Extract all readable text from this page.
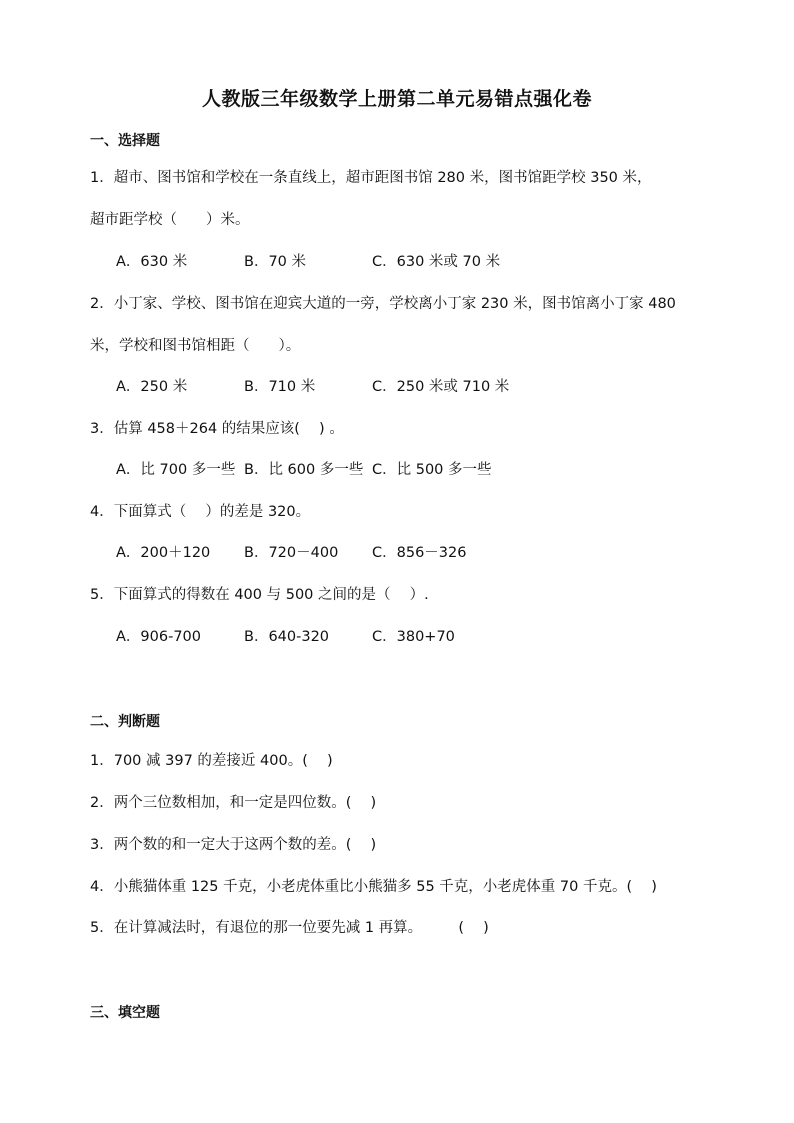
人教版三年级数学上册第二单元易错点强化卷
一、选择题
1．超市、图书馆和学校在一条直线上，超市距图书馆 280 米，图书馆距学校 350 米，
超市距学校（　　）米。
A．630 米	B．70 米	C．630 米或 70 米
2．小丁家、学校、图书馆在迎宾大道的一旁，学校离小丁家 230 米，图书馆离小丁家 480
米，学校和图书馆相距（　　）。
A．250 米	B．710 米	C．250 米或 710 米
3．估算 458＋264 的结果应该(　 ) 。
A．比 700 多一些 B．比 600 多一些 C．比 500 多一些
4．下面算式（　 ）的差是 320。
A．200＋120 B．720－400 C．856－326
5．下面算式的得数在 400 与 500 之间的是（　 ）.
A．906-700	B．640-320	C．380+70
二、判断题
1．700 减 397 的差接近 400。(　 )
2．两个三位数相加，和一定是四位数。(　 )
3．两个数的和一定大于这两个数的差。(　 )
4．小熊猫体重 125 千克，小老虎体重比小熊猫多 55 千克，小老虎体重 70 千克。(　 )
5．在计算减法时，有退位的那一位要先减 1 再算。　　　(　 )
三、填空题
